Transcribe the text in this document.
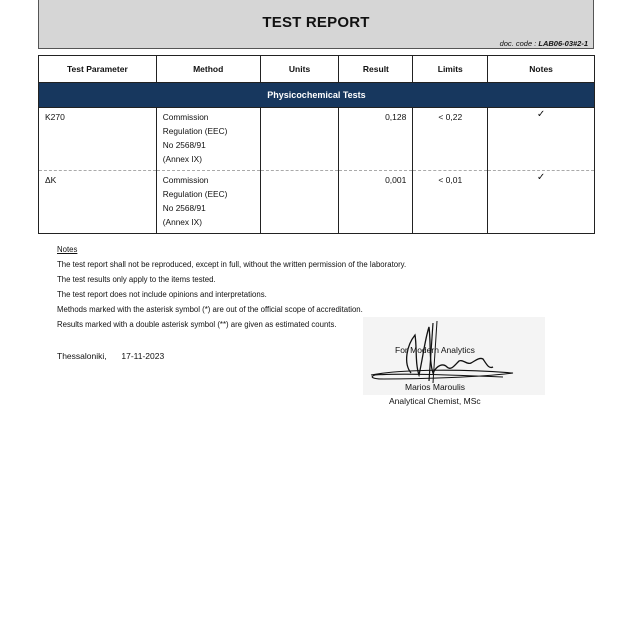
TEST REPORT
doc. code : LAB06-03#2-1
Test Parameter	Method	Units	Result	Limits	Notes
Physicochemical Tests					
K270	Commission
Regulation (EEC)
No 2568/91
(Annex IX)		0,128	< 0,22	✓
ΔK	Commission
Regulation (EEC)
No 2568/91
(Annex IX)		0,001	< 0,01	✓
Notes
The test report shall not be reproduced, except in full, without the written permission of the laboratory.
The test results only apply to the items tested.
The test report does not include opinions and interpretations.
Methods marked with the asterisk symbol (*) are out of the official scope of accreditation.
Results marked with a double asterisk symbol (**) are given as estimated counts.
Thessaloniki, 17-11-2023
For Modern Analytics
Marios Maroulis
Analytical Chemist, MSc
